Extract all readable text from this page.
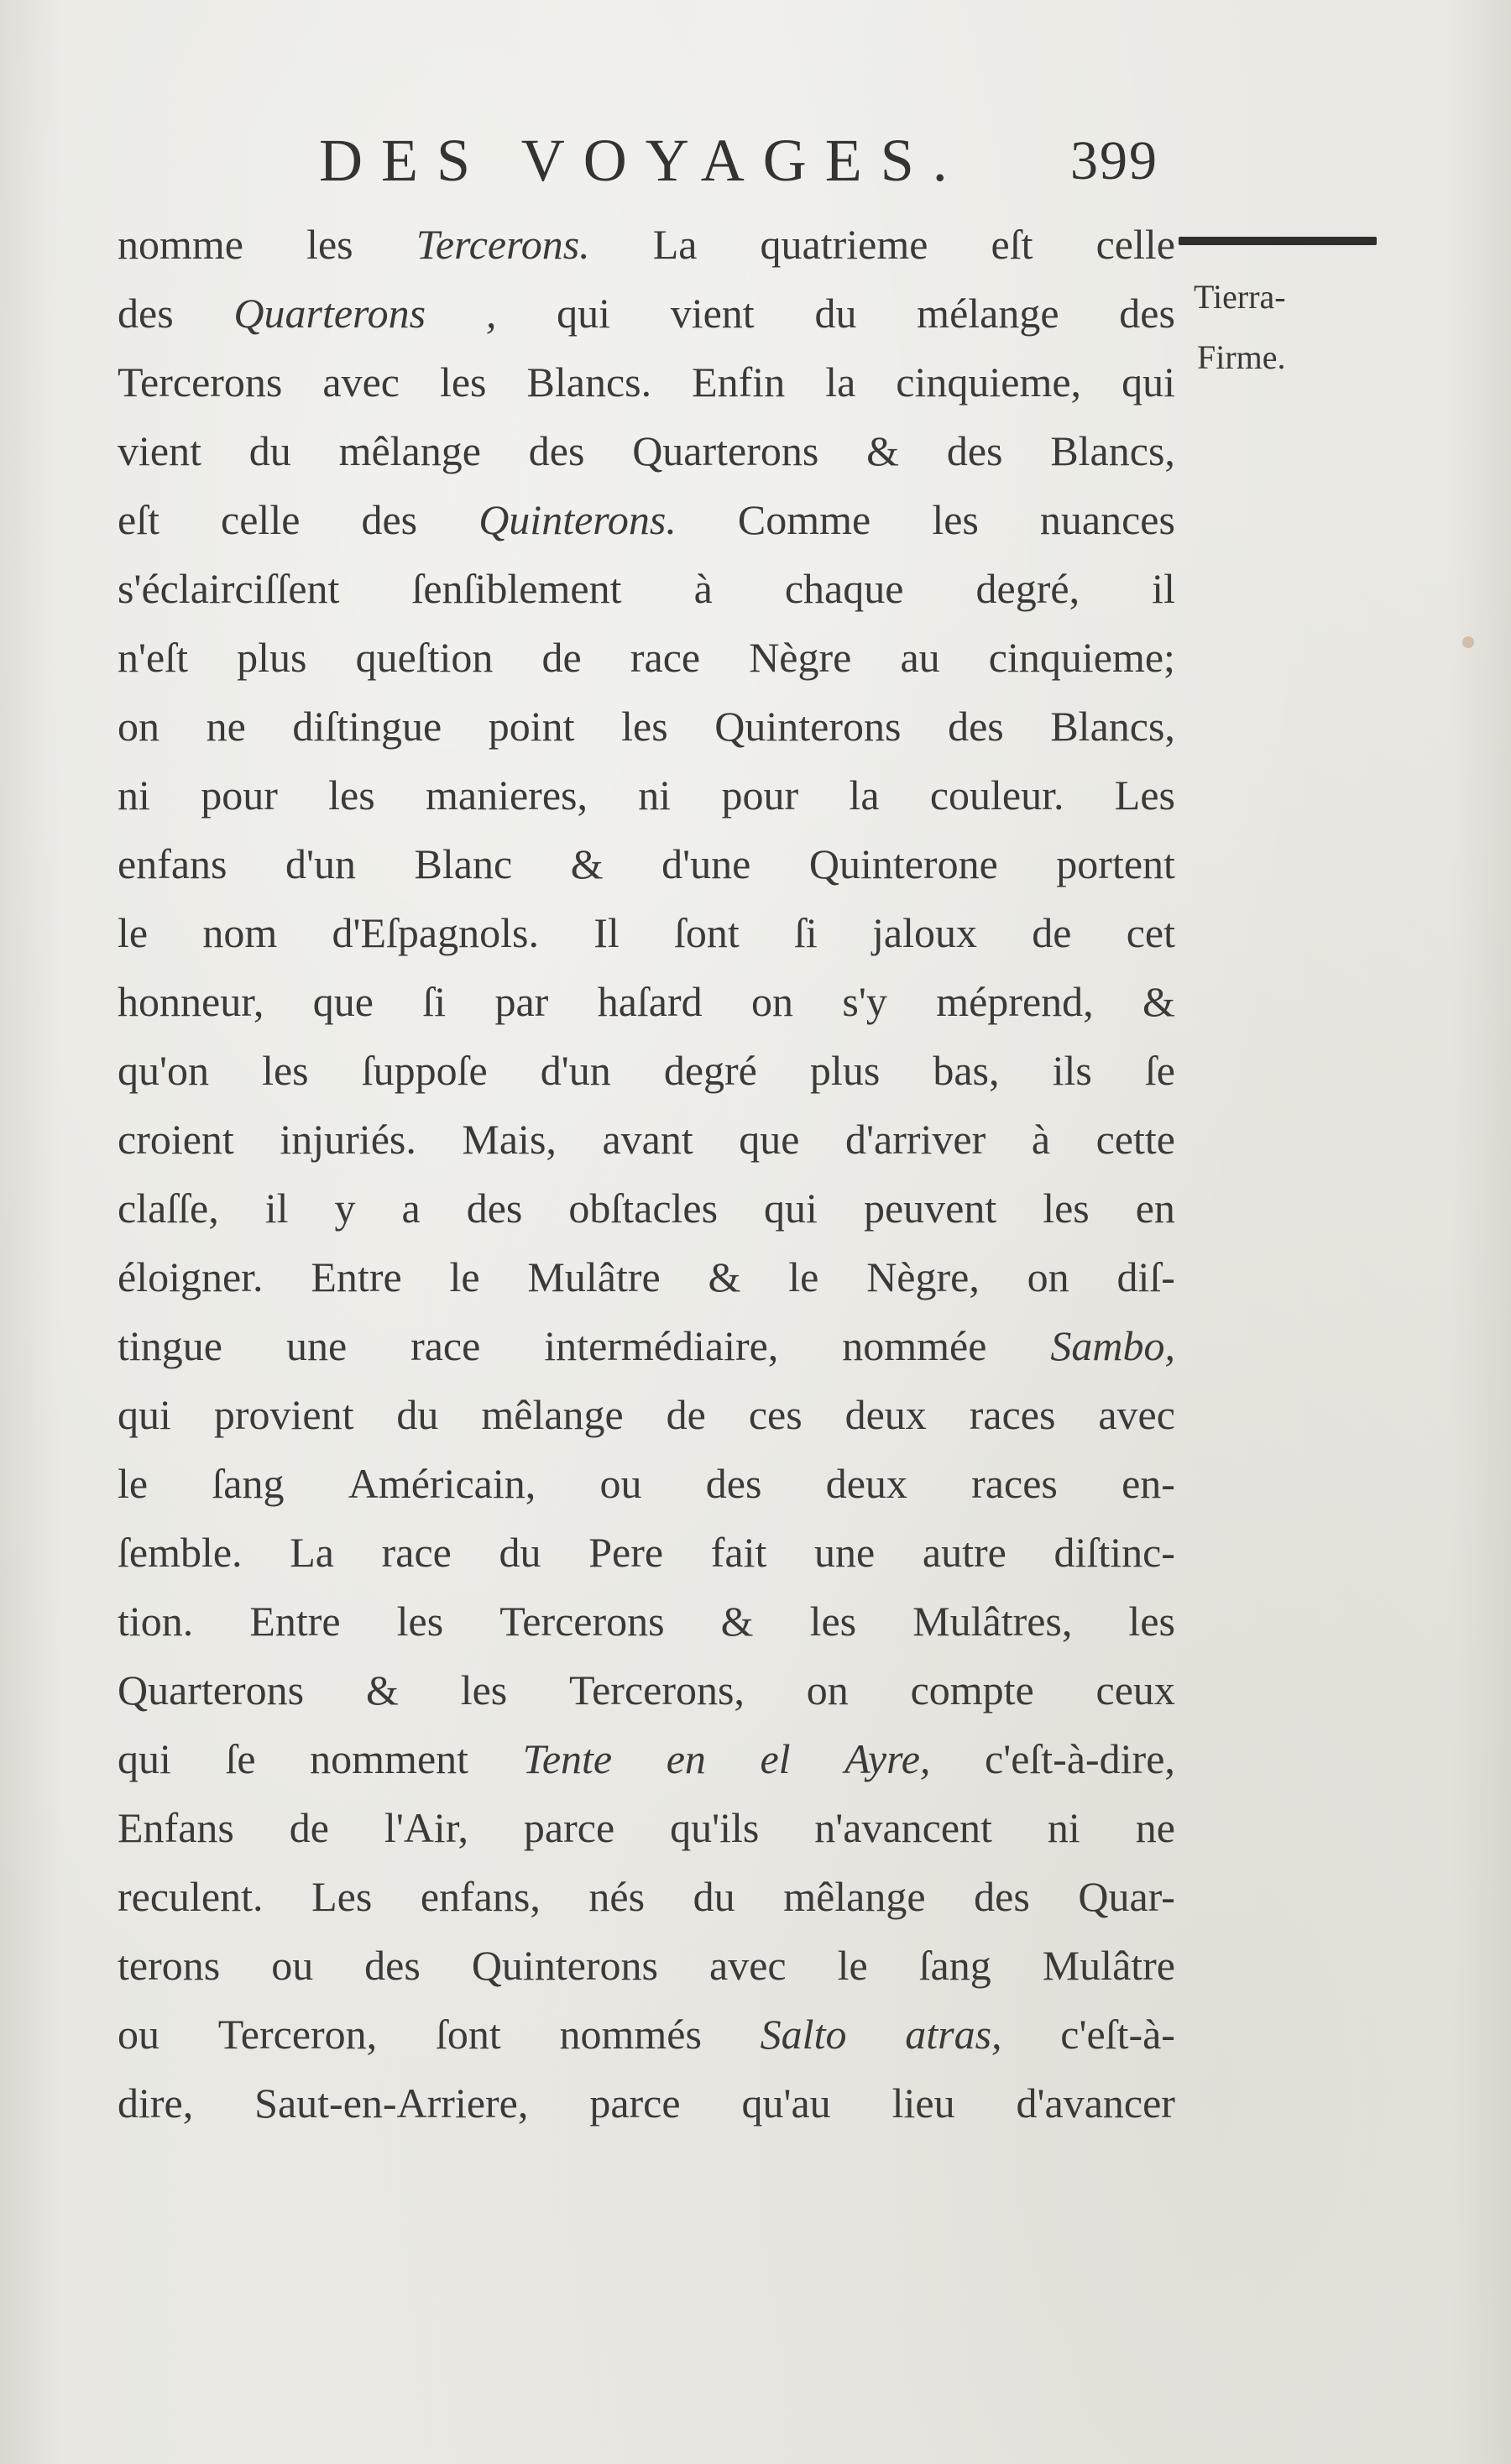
DES VOYAGES. 399
Tierra-
Firme.
nomme les Tercerons. La quatrieme eſt celle
des Quarterons , qui vient du mélange des
Tercerons avec les Blancs. Enfin la cinquieme, qui
vient du mêlange des Quarterons & des Blancs,
eſt celle des Quinterons. Comme les nuances
s'éclairciſſent ſenſiblement à chaque degré, il
n'eſt plus queſtion de race Nègre au cinquieme;
on ne diſtingue point les Quinterons des Blancs,
ni pour les manieres, ni pour la couleur. Les
enfans d'un Blanc & d'une Quinterone portent
le nom d'Eſpagnols. Il ſont ſi jaloux de cet
honneur, que ſi par haſard on s'y méprend, &
qu'on les ſuppoſe d'un degré plus bas, ils ſe
croient injuriés. Mais, avant que d'arriver à cette
claſſe, il y a des obſtacles qui peuvent les en
éloigner. Entre le Mulâtre & le Nègre, on diſ-
tingue une race intermédiaire, nommée Sambo,
qui provient du mêlange de ces deux races avec
le ſang Américain, ou des deux races en-
ſemble. La race du Pere fait une autre diſtinc-
tion. Entre les Tercerons & les Mulâtres, les
Quarterons & les Tercerons, on compte ceux
qui ſe nomment Tente en el Ayre, c'eſt-à-dire,
Enfans de l'Air, parce qu'ils n'avancent ni ne
reculent. Les enfans, nés du mêlange des Quar-
terons ou des Quinterons avec le ſang Mulâtre
ou Terceron, ſont nommés Salto atras, c'eſt-à-
dire, Saut-en-Arriere, parce qu'au lieu d'avancer
